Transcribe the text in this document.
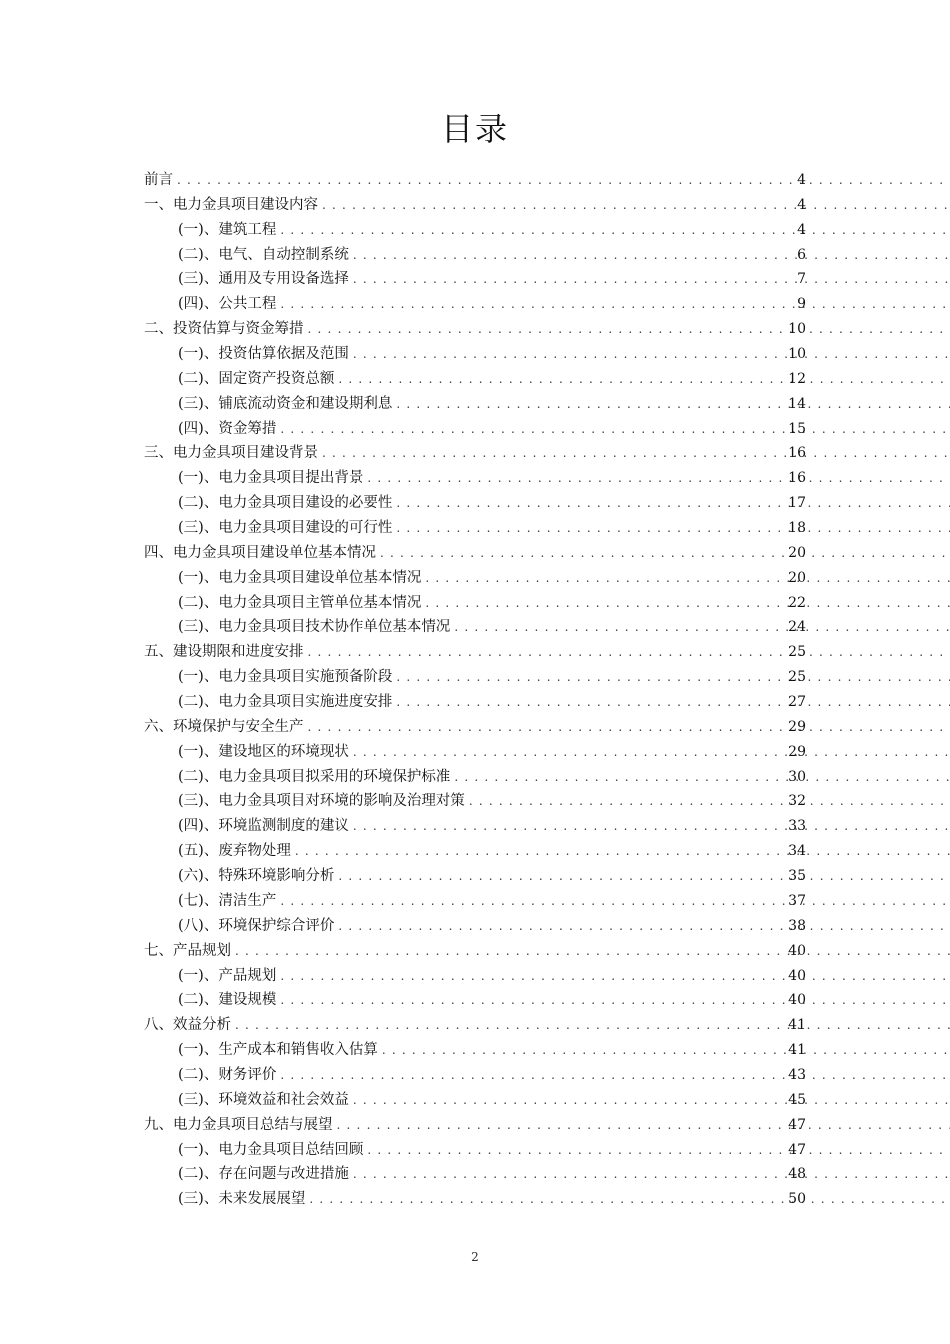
目录
前言 . . .	4
一、电力金具项目建设内容 . . .	4
(一)、建筑工程 . . .	4
(二)、电气、自动控制系统 . . .	6
(三)、通用及专用设备选择 . . .	7
(四)、公共工程 . . .	9
二、投资估算与资金筹措 . . .	10
(一)、投资估算依据及范围 . . .	10
(二)、固定资产投资总额 . . .	12
(三)、铺底流动资金和建设期利息 . . .	14
(四)、资金筹措 . . .	15
三、电力金具项目建设背景 . . .	16
(一)、电力金具项目提出背景 . . .	16
(二)、电力金具项目建设的必要性 . . .	17
(三)、电力金具项目建设的可行性 . . .	18
四、电力金具项目建设单位基本情况 . . .	20
(一)、电力金具项目建设单位基本情况 . . .	20
(二)、电力金具项目主管单位基本情况 . . .	22
(三)、电力金具项目技术协作单位基本情况 . . .	24
五、建设期限和进度安排 . . .	25
(一)、电力金具项目实施预备阶段 . . .	25
(二)、电力金具项目实施进度安排 . . .	27
六、环境保护与安全生产 . . .	29
(一)、建设地区的环境现状 . . .	29
(二)、电力金具项目拟采用的环境保护标准 . . .	30
(三)、电力金具项目对环境的影响及治理对策 . . .	32
(四)、环境监测制度的建议 . . .	33
(五)、废弃物处理 . . .	34
(六)、特殊环境影响分析 . . .	35
(七)、清洁生产 . . .	37
(八)、环境保护综合评价 . . .	38
七、产品规划 . . .	40
(一)、产品规划 . . .	40
(二)、建设规模 . . .	40
八、效益分析 . . .	41
(一)、生产成本和销售收入估算 . . .	41
(二)、财务评价 . . .	43
(三)、环境效益和社会效益 . . .	45
九、电力金具项目总结与展望 . . .	47
(一)、电力金具项目总结回顾 . . .	47
(二)、存在问题与改进措施 . . .	48
(三)、未来发展展望 . . .	50
2
